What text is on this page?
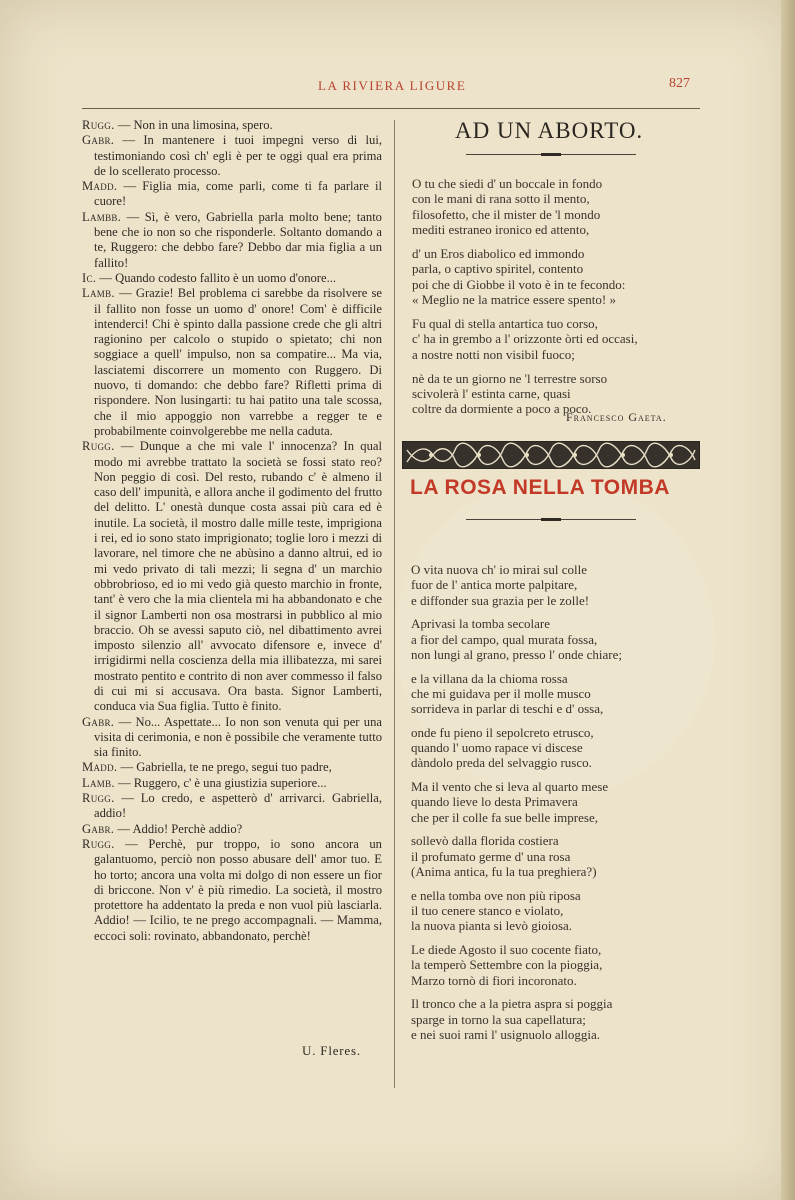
LA RIVIERA LIGURE	827

Rugg. — Non in una limosina, spero.

Gabr. — In mantenere i tuoi impegni verso di lui, testimoniando così ch' egli è per te oggi qual era prima de lo scellerato processo.

Madd. — Figlia mia, come parli, come ti fa parlare il cuore!

Lambb. — Sì, è vero, Gabriella parla molto bene; tanto bene che io non so che risponderle. Soltanto domando a te, Ruggero: che debbo fare? Debbo dar mia figlia a un fallito!

Ic. — Quando codesto fallito è un uomo d'onore...

Lamb. — Grazie! Bel problema ci sarebbe da risolvere se il fallito non fosse un uomo d' onore! Com' è difficile intenderci! Chi è spinto dalla passione crede che gli altri ragionino per calcolo o stupido o spietato; chi non soggiace a quell' impulso, non sa compatire... Ma via, lasciatemi discorrere un momento con Ruggero. Di nuovo, ti domando: che debbo fare? Rifletti prima di rispondere. Non lusingarti: tu hai patito una tale scossa, che il mio appoggio non varrebbe a regger te e probabilmente coinvolgerebbe me nella caduta.

Rugg. — Dunque a che mi vale l' innocenza? In qual modo mi avrebbe trattato la società se fossi stato reo? Non peggio di così. Del resto, rubando c' è almeno il caso dell' impunità, e allora anche il godimento del frutto del delitto. L' onestà dunque costa assai più cara ed è inutile. La società, il mostro dalle mille teste, imprigiona i rei, ed io sono stato imprigionato; toglie loro i mezzi di lavorare, nel timore che ne abùsino a danno altrui, ed io mi vedo privato di tali mezzi; li segna d' un marchio obbrobrioso, ed io mi vedo già questo marchio in fronte, tant' è vero che la mia clientela mi ha abbandonato e che il signor Lamberti non osa mostrarsi in pubblico al mio braccio. Oh se avessi saputo ciò, nel dibattimento avrei imposto silenzio all' avvocato difensore e, invece d' irrigidirmi nella coscienza della mia illibatezza, mi sarei mostrato pentito e contrito di non aver commesso il falso di cui mi si accusava. Ora basta. Signor Lamberti, conduca via Sua figlia. Tutto è finito.

Gabr. — No... Aspettate... Io non son venuta qui per una visita di cerimonia, e non è possibile che veramente tutto sia finito.

Madd. — Gabriella, te ne prego, segui tuo padre,

Lamb. — Ruggero, c' è una giustizia superiore...

Rugg. — Lo credo, e aspetterò d' arrivarci. Gabriella, addio!

Gabr. — Addio! Perchè addio?

Rugg. — Perchè, pur troppo, io sono ancora un galantuomo, perciò non posso abusare dell' amor tuo. E ho torto; ancora una volta mi dolgo di non essere un fior di briccone. Non v' è più rimedio. La società, il mostro protettore ha addentato la preda e non vuol più lasciarla. Addio! — Icilio, te ne prego accompagnali. — Mamma, eccoci soli: rovinato, abbandonato, perchè!

U. Fleres.
AD UN ABORTO.
O tu che siedi d' un boccale in fondo
con le mani di rana sotto il mento,
filosofetto, che il mister de 'l mondo
mediti estraneo ironico ed attento,
d' un Eros diabolico ed immondo
parla, o captivo spiritel, contento
poi che di Giobbe il voto è in te fecondo:
« Meglio ne la matrice essere spento! »
Fu qual di stella antartica tuo corso,
c' ha in grembo a l' orizzonte òrti ed occasi,
a nostre notti non visibil fuoco;
nè da te un giorno ne 'l terrestre sorso
scivolerà l' estinta carne, quasi
coltre da dormiente a poco a poco.
Francesco Gaeta.
LA ROSA NELLA TOMBA
O vita nuova ch' io mirai sul colle
fuor de l' antica morte palpitare,
e diffonder sua grazia per le zolle!
Aprivasi la tomba secolare
a fior del campo, qual murata fossa,
non lungi al grano, presso l' onde chiare;
e la villana da la chioma rossa
che mi guidava per il molle musco
sorrideva in parlar di teschi e d' ossa,
onde fu pieno il sepolcreto etrusco,
quando l' uomo rapace vi discese
dàndolo preda del selvaggio rusco.
Ma il vento che si leva al quarto mese
quando lieve lo desta Primavera
che per il colle fa sue belle imprese,
sollevò dalla florida costiera
il profumato germe d' una rosa
(Anima antica, fu la tua preghiera?)
e nella tomba ove non più riposa
il tuo cenere stanco e violato,
la nuova pianta si levò gioiosa.
Le diede Agosto il suo cocente fiato,
la temperò Settembre con la pioggia,
Marzo tornò di fiori incoronato.
Il tronco che a la pietra aspra si poggia
sparge in torno la sua capellatura;
e nei suoi rami l' usignuolo alloggia.
